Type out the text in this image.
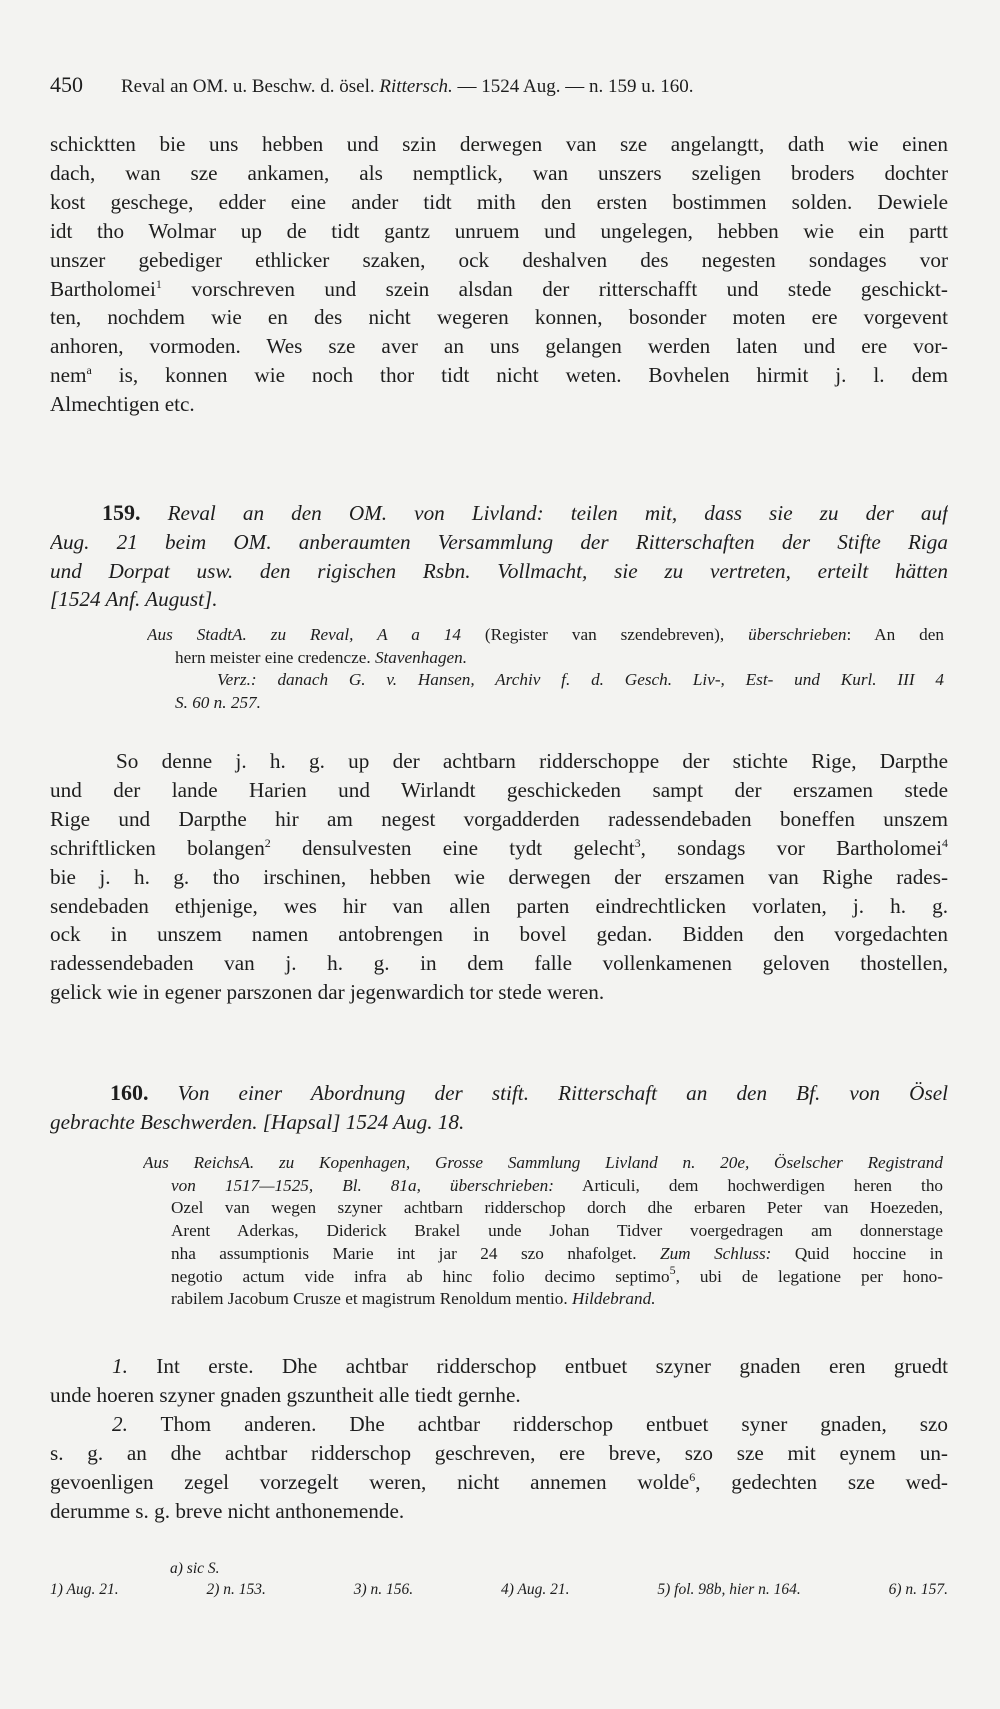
450 Reval an OM. u. Beschw. d. ösel. Rittersch. — 1524 Aug. — n. 159 u. 160.
schicktten bie uns hebben und szin derwegen van sze angelangtt, dath wie einen
dach, wan sze ankamen, als nemptlick, wan unszers szeligen broders dochter
kost geschege, edder eine ander tidt mith den ersten bostimmen solden. Dewiele
idt tho Wolmar up de tidt gantz unruem und ungelegen, hebben wie ein partt
unszer gebediger ethlicker szaken, ock deshalven des negesten sondages vor
Bartholomei$^1$ vorschreven und szein alsdan der ritterschafft und stede geschickt-
ten, nochdem wie en des nicht wegeren konnen, bosonder moten ere vorgevent
anhoren, vormoden. Wes sze aver an uns gelangen werden laten und ere vor-
nem$^a$ is, konnen wie noch thor tidt nicht weten. Bovhelen hirmit j. l. dem
Almechtigen etc.
159. Reval an den OM. von Livland: teilen mit, dass sie zu der auf
Aug. 21 beim OM. anberaumten Versammlung der Ritterschaften der Stifte Riga
und Dorpat usw. den rigischen Rsbn. Vollmacht, sie zu vertreten, erteilt hätten
[1524 Anf. August].
Aus StadtA. zu Reval, A a 14 (Register van szendebreven), überschrieben: An den
hern meister eine credencze. Stavenhagen.
Verz.: danach G. v. Hansen, Archiv f. d. Gesch. Liv-, Est- und Kurl. III 4
S. 60 n. 257.
So denne j. h. g. up der achtbarn ridderschoppe der stichte Rige, Darpthe
und der lande Harien und Wirlandt geschickeden sampt der erszamen stede
Rige und Darpthe hir am negest vorgadderden radessendebaden boneffen unszem
schriftlicken bolangen$^2$ densulvesten eine tydt gelecht$^3$, sondags vor Bartholomei$^4$
bie j. h. g. tho irschinen, hebben wie derwegen der erszamen van Righe rades-
sendebaden ethjenige, wes hir van allen parten eindrechtlicken vorlaten, j. h. g.
ock in unszem namen antobrengen in bovel gedan. Bidden den vorgedachten
radessendebaden van j. h. g. in dem falle vollenkamenen geloven thostellen,
gelick wie in egener parszonen dar jegenwardich tor stede weren.
160. Von einer Abordnung der stift. Ritterschaft an den Bf. von Ösel
gebrachte Beschwerden. [Hapsal] 1524 Aug. 18.
Aus ReichsA. zu Kopenhagen, Grosse Sammlung Livland n. 20e, Öselscher Registrand
von 1517—1525, Bl. 81a, überschrieben: Articuli, dem hochwerdigen heren tho
Ozel van wegen szyner achtbarn ridderschop dorch dhe erbaren Peter van Hoezeden,
Arent Aderkas, Diderick Brakel unde Johan Tidver voergedragen am donnerstage
nha assumptionis Marie int jar 24 szo nhafolget. Zum Schluss: Quid hoccine in
negotio actum vide infra ab hinc folio decimo septimo$^5$, ubi de legatione per hono-
rabilem Jacobum Crusze et magistrum Renoldum mentio. Hildebrand.
1. Int erste. Dhe achtbar ridderschop entbuet szyner gnaden eren gruedt
unde hoeren szyner gnaden gszuntheit alle tiedt gernhe.
2. Thom anderen. Dhe achtbar ridderschop entbuet syner gnaden, szo
s. g. an dhe achtbar ridderschop geschreven, ere breve, szo sze mit eynem un-
gevoenligen zegel vorzegelt weren, nicht annemen wolde$^6$, gedechten sze wed-
derumme s. g. breve nicht anthonemende.
a) sic S.
1) Aug. 21.	2) n. 153.	3) n. 156.	4) Aug. 21.	5) fol. 98b, hier n. 164.	6) n. 157.
